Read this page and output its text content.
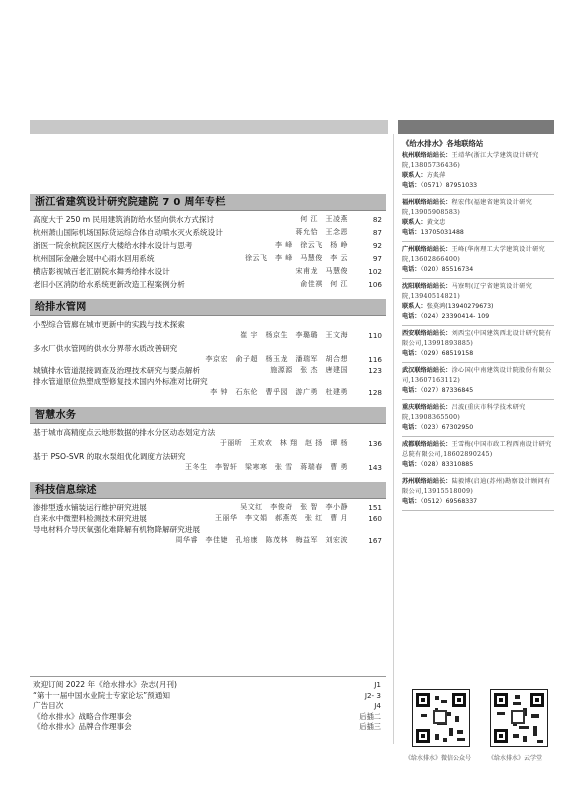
浙江省建筑设计研究院建院 7 0 周年专栏
高度大于 250 m 民用建筑消防给水竖向供水方式探讨	何 江　王凌燕	82
杭州萧山国际机场国际货运综合体自动喷水灭火系统设计	蒋允恰　王念恩	87
浙医一院余杭院区医疗大楼给水排水设计与思考	李 峰　徐云飞　杨 峥	92
杭州国际金融会展中心雨水回用系统	徐云飞　李 峰　马慧俊　李 云	97
横店影视城百老汇剧院水舞秀给排水设计	宋甫龙　马慧俊	102
老旧小区消防给水系统更新改造工程案例分析	俞佳祺　何 江	106
给排水管网
小型综合管廊在城市更新中的实践与技术探索
崔 宇　杨京生　李璐璐　王文海	110
多水厂供水管网的供水分界带水质改善研究
李京宏　俞子超　杨玉龙　潘瑞军　胡合想	116
城镇排水管道混接调查及治理技术研究与要点解析	施源源　张 杰　唐建国	123
排水管道原位热塑成型修复技术国内外标准对比研究
李 钟　石东伦　曹乎园　游广勇　杜建勇	128
智慧水务
基于城市高精度点云地形数据的排水分区动态划定方法
于丽昕　王欢欢　林 翔　赵 扬　谭 杨	136
基于 PSO-SVR 的取水泵组优化调度方法研究
王冬生　李智轩　梁寒寒　张 雪　蒋瑞春　曹 勇	143
科技信息综述
渗排型透水铺装运行维护研究进展	吴文红　李俊奇　张 智　李小静	151
自来水中微塑料检测技术研究进展	王丽华　李文娟　郝燕英　张 红　曹 月	160
导电材料介导厌氧强化难降解有机物降解研究进展
周华睿　李佳婕　孔培康　陈茂林　梅益军　刘宏波	167
欢迎订阅 2022 年《给水排水》杂志(月刊)	J1
“第十一届中国水业院士专家论坛”预通知	J2- 3
广告目次	J4
《给水排水》战略合作理事会	后插二
《给水排水》品牌合作理事会	后插三
《给水排水》各地联络站
杭州联络站站长：王靖华(浙江大学建筑设计研究院,13805736436)
联系人：方炙萍
电话：（0571）87951033
福州联络站站长：程宏伟(福建省建筑设计研究院,13905908583)
联系人：黄文忠
电话：13705031488
广州联络站站长：王峰(华南理工大学建筑设计研究院,13602866400)
电话：（020）85516734
沈阳联络站站长：马寮明(辽宁省建筑设计研究院,13940514821)
联系人：张莫鸿(13940279673)
电话：（024）23390414- 109
西安联络站站长：刘西宝(中国建筑西北设计研究院有限公司,13991893885)
电话：（029）68519158
武汉联络站站长：涂心国(中南建筑设计院股份有限公司,13607163112)
电话：（027）87336845
重庆联络站站长：吕波(重庆市科学技术研究院,13908365500)
电话：（023）67302950
成都联络站站长：王雪梅(中国市政工程西南设计研究总院有限公司,18602890245)
电话：（028）83310885
苏州联络站站长：陆毅博(启迪(苏州)勘察设计顾问有限公司,13915518009)
电话：（0512）69568337
《给水排水》微信公众号	《给水排水》云学堂
